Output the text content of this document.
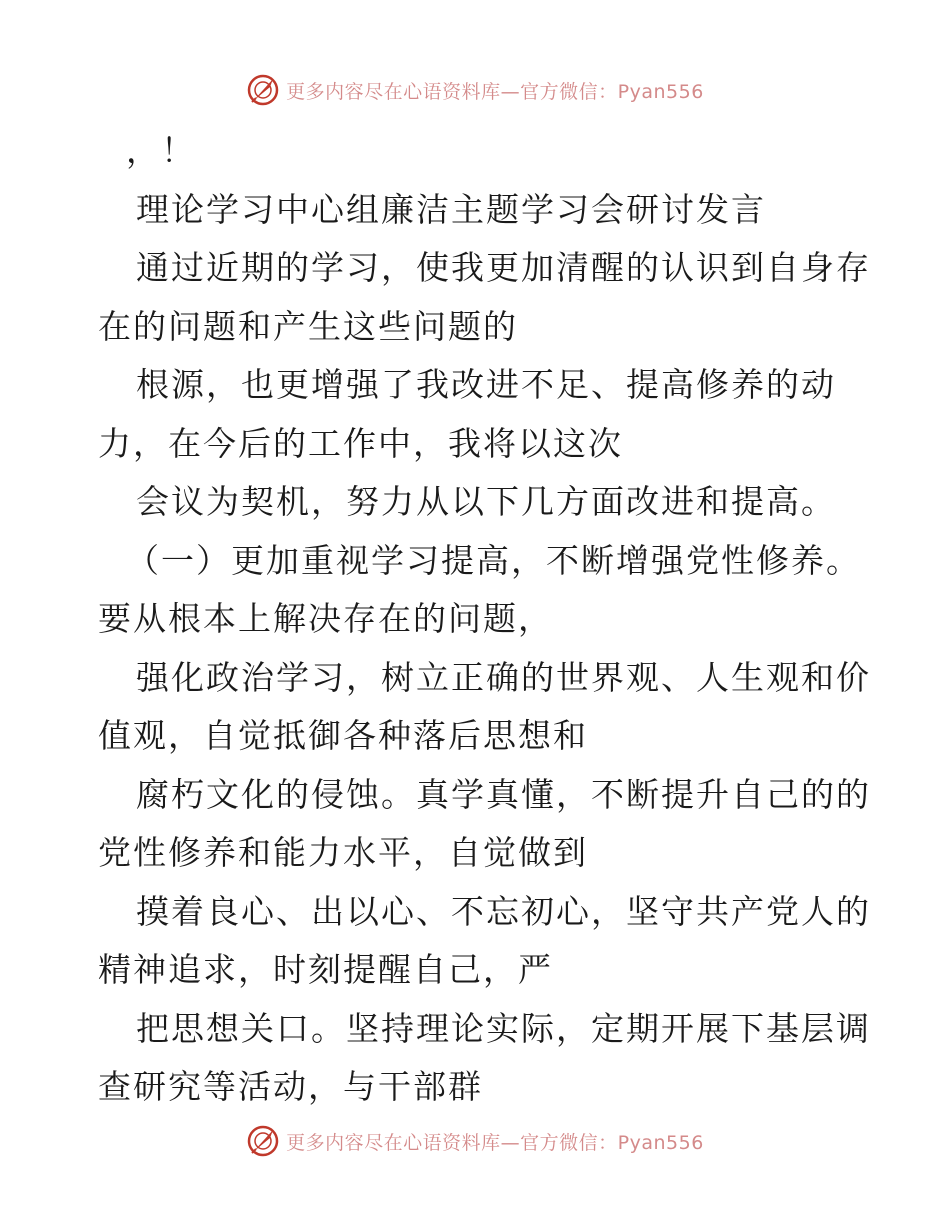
更多内容尽在心语资料库—官方微信：Pyan556
，！
理论学习中心组廉洁主题学习会研讨发言
通过近期的学习，使我更加清醒的认识到自身存
在的问题和产生这些问题的
根源，也更增强了我改进不足、提高修养的动
力，在今后的工作中，我将以这次
会议为契机，努力从以下几方面改进和提高。
（一）更加重视学习提高，不断增强党性修养。
要从根本上解决存在的问题，
强化政治学习，树立正确的世界观、人生观和价
值观，自觉抵御各种落后思想和
腐朽文化的侵蚀。真学真懂，不断提升自己的的
党性修养和能力水平，自觉做到
摸着良心、出以心、不忘初心，坚守共产党人的
精神追求，时刻提醒自己，严
把思想关口。坚持理论实际，定期开展下基层调
查研究等活动，与干部群
更多内容尽在心语资料库—官方微信：Pyan556
